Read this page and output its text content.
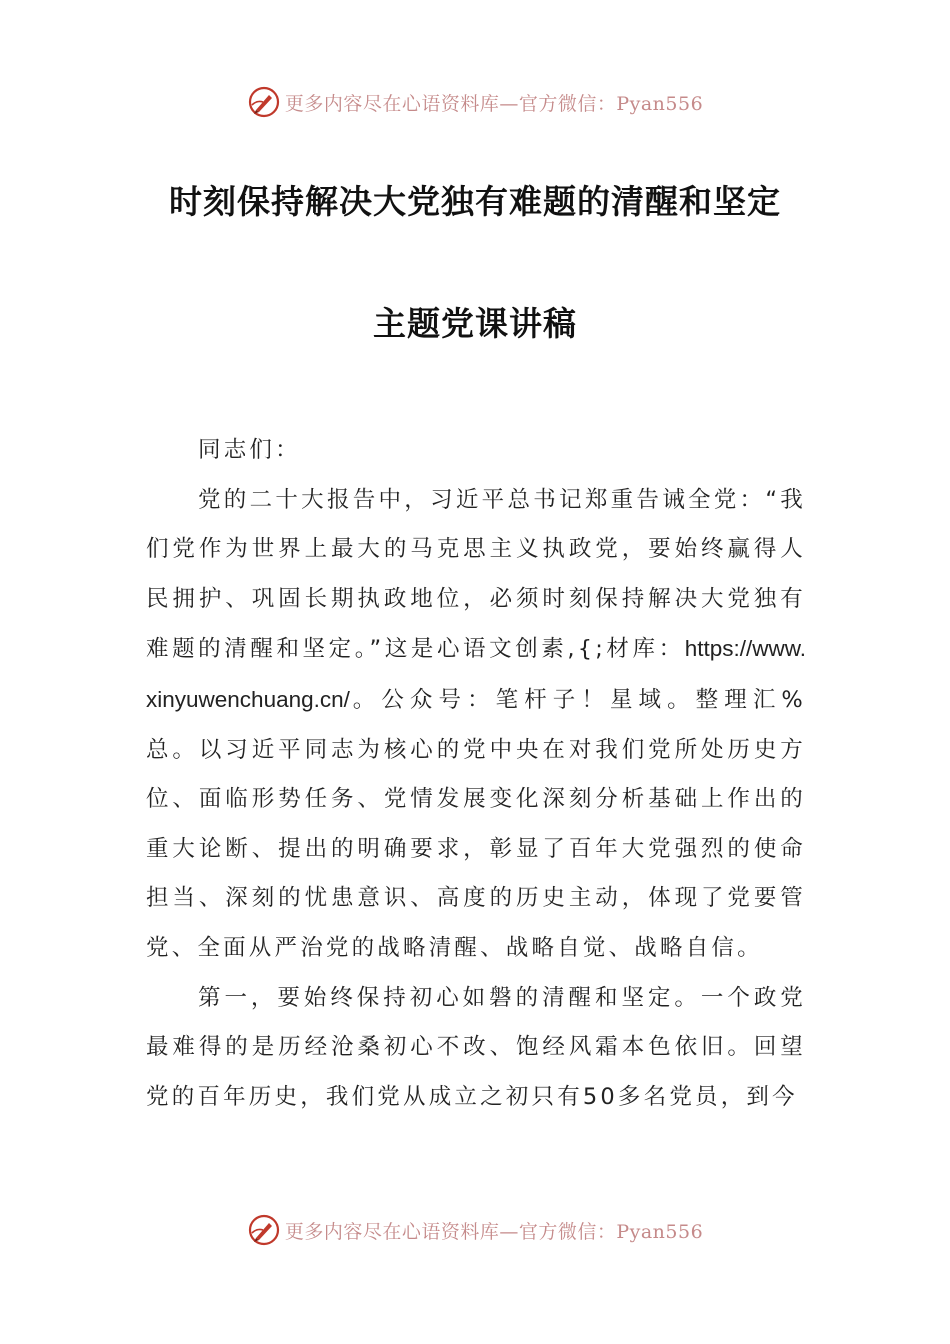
更多内容尽在心语资料库—官方微信：Pyan556
时刻保持解决大党独有难题的清醒和坚定
主题党课讲稿

同志们：

党的二十大报告中，习近平总书记郑重告诫全党：“我们党作为世界上最大的马克思主义执政党，要始终赢得人民拥护、巩固长期执政地位，必须时刻保持解决大党独有难题的清醒和坚定。”这是心语文创素,{;材库：https://www.xinyuwenchuang.cn/。公众号：笔杆子！星域。整理汇%总。以习近平同志为核心的党中央在对我们党所处历史方位、面临形势任务、党情发展变化深刻分析基础上作出的重大论断、提出的明确要求，彰显了百年大党强烈的使命担当、深刻的忧患意识、高度的历史主动，体现了党要管党、全面从严治党的战略清醒、战略自觉、战略自信。

第一，要始终保持初心如磐的清醒和坚定。一个政党最难得的是历经沧桑初心不改、饱经风霜本色依旧。回望党的百年历史，我们党从成立之初只有50多名党员，到今

更多内容尽在心语资料库—官方微信：Pyan556
